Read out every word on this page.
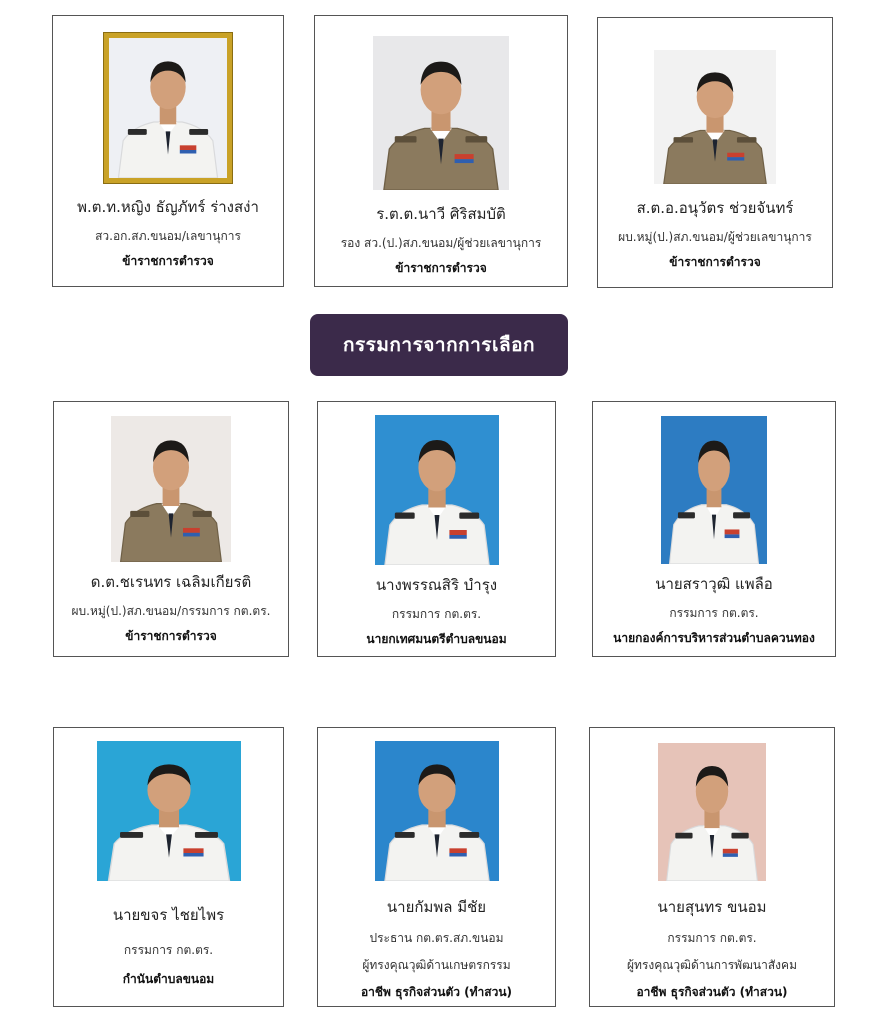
พ.ต.ท.หญิง ธัญภัทร์ ร่างสง่า
สว.อก.สภ.ขนอม/เลขานุการ
ข้าราชการตำรวจ
ร.ต.ต.นาวี ศิริสมบัติ
รอง สว.(ป.)สภ.ขนอม/ผู้ช่วยเลขานุการ
ข้าราชการตำรวจ
ส.ต.อ.อนุวัตร ช่วยจันทร์
ผบ.หมู่(ป.)สภ.ขนอม/ผู้ช่วยเลขานุการ
ข้าราชการตำรวจ
กรรมการจากการเลือก
ด.ต.ชเรนทร เฉลิมเกียรติ
ผบ.หมู่(ป.)สภ.ขนอม/กรรมการ กต.ตร.
ข้าราชการตำรวจ
นางพรรณสิริ บำรุง
กรรมการ กต.ตร.
นายกเทศมนตรีตำบลขนอม
นายสราวุฒิ แพลือ
กรรมการ กต.ตร.
นายกองค์การบริหารส่วนตำบลควนทอง
นายขจร ไชยไพร
กรรมการ กต.ตร.
กำนันตำบลขนอม
นายกัมพล มีชัย
ประธาน กต.ตร.สภ.ขนอม
ผู้ทรงคุณวุฒิด้านเกษตรกรรม
อาชีพ ธุรกิจส่วนตัว (ทำสวน)
นายสุนทร ขนอม
กรรมการ กต.ตร.
ผู้ทรงคุณวุฒิด้านการพัฒนาสังคม
อาชีพ ธุรกิจส่วนตัว (ทำสวน)
